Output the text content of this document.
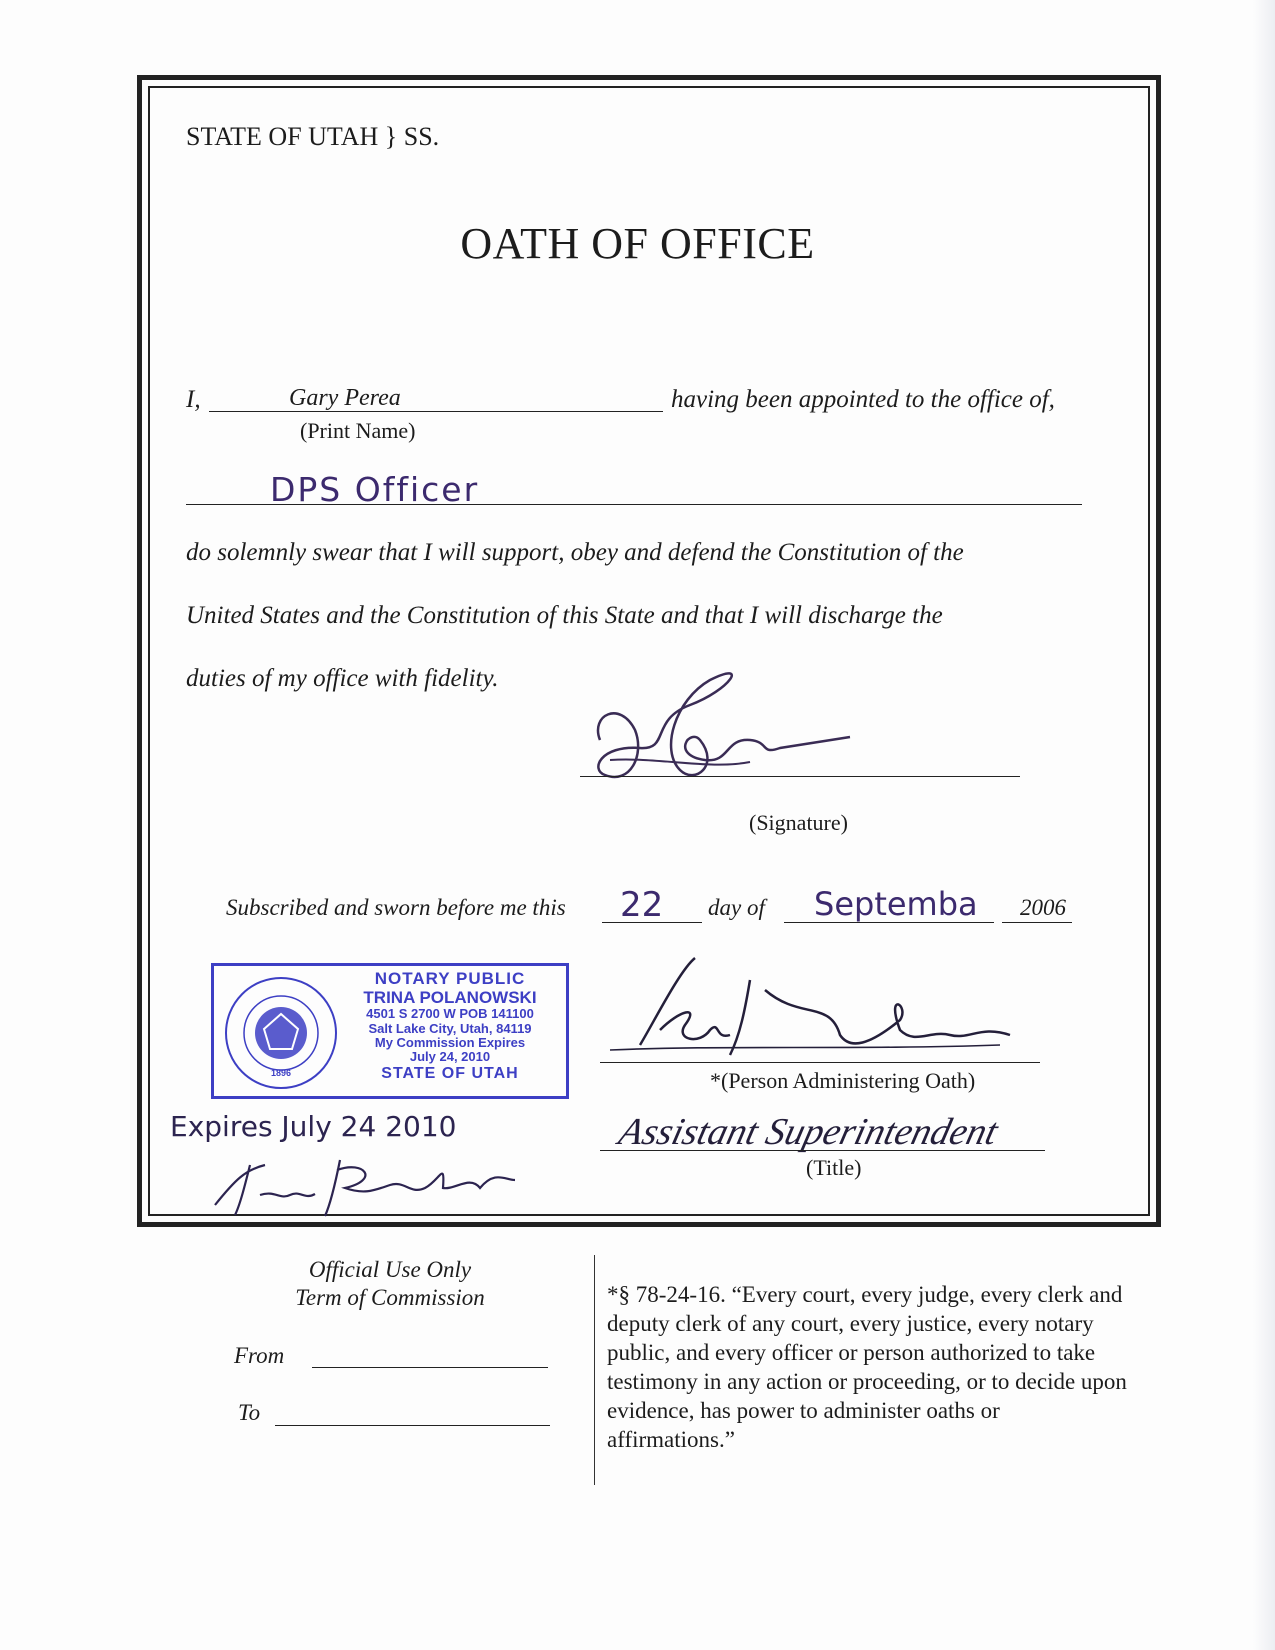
STATE OF UTAH } SS.
OATH OF OFFICE
I,	Gary Perea
(Print Name)
having been appointed to the office of,
DPS Officer
do solemnly swear that I will support, obey and defend the Constitution of the
United States and the Constitution of this State and that I will discharge the
duties of my office with fidelity.
(Signature)
Subscribed and sworn before me this 22 day of Septemba 2006
1896
NOTARY PUBLIC
TRINA POLANOWSKI
4501 S 2700 W POB 141100
Salt Lake City, Utah, 84119
My Commission Expires
July 24, 2010
STATE OF UTAH
Expires July 24 2010
*(Person Administering Oath)
Assistant Superintendent
(Title)
Official Use Only
Term of Commission
From
To
*§ 78-24-16. “Every court, every judge, every clerk and deputy clerk of any court, every justice, every notary public, and every officer or person authorized to take testimony in any action or proceeding, or to decide upon evidence, has power to administer oaths or affirmations.”
